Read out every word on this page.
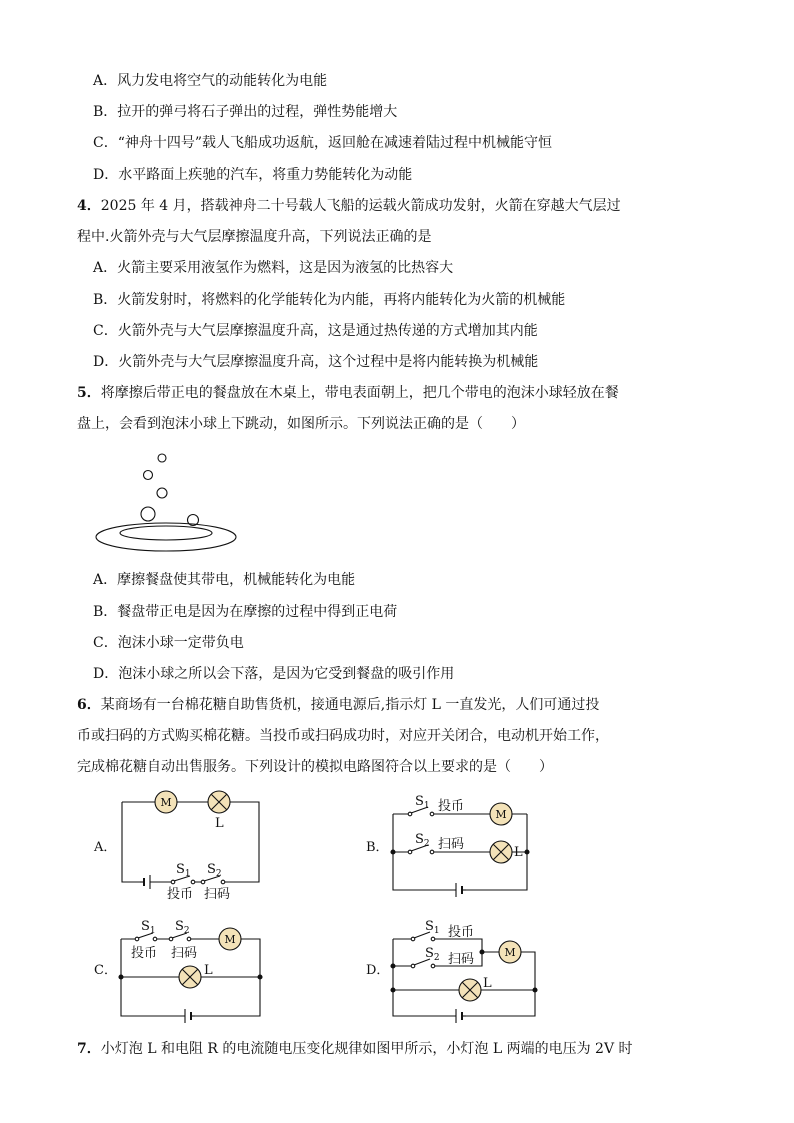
A．风力发电将空气的动能转化为电能
B．拉开的弹弓将石子弹出的过程，弹性势能增大
C．“神舟十四号”载人飞船成功返航，返回舱在减速着陆过程中机械能守恒
D．水平路面上疾驰的汽车，将重力势能转化为动能
4．2025 年 4 月，搭载神舟二十号载人飞船的运载火箭成功发射，火箭在穿越大气层过
程中.火箭外壳与大气层摩擦温度升高，下列说法正确的是
A．火箭主要采用液氢作为燃料，这是因为液氢的比热容大
B．火箭发射时，将燃料的化学能转化为内能，再将内能转化为火箭的机械能
C．火箭外壳与大气层摩擦温度升高，这是通过热传递的方式增加其内能
D．火箭外壳与大气层摩擦温度升高，这个过程中是将内能转换为机械能
5．将摩擦后带正电的餐盘放在木桌上，带电表面朝上，把几个带电的泡沫小球轻放在餐
盘上，会看到泡沫小球上下跳动，如图所示。下列说法正确的是（　　）
A．摩擦餐盘使其带电，机械能转化为电能
B．餐盘带正电是因为在摩擦的过程中得到正电荷
C．泡沫小球一定带负电
D．泡沫小球之所以会下落，是因为它受到餐盘的吸引作用
6．某商场有一台棉花糖自助售货机，接通电源后,指示灯 L 一直发光，人们可通过投
币或扫码的方式购买棉花糖。当投币或扫码成功时，对应开关闭合，电动机开始工作，
完成棉花糖自动出售服务。下列设计的模拟电路图符合以上要求的是（　　）
A．	B．
C．	D．
M
M
M
M
L
L
L
L
$S_1$ $S_2$
$S_1$
$S_2$
$S_1$ $S_2$	$S_1$
$S_2$
投币 扫码
投币
扫码
投币 扫码
投币
扫码
7．小灯泡 L 和电阻 R 的电流随电压变化规律如图甲所示，小灯泡 L 两端的电压为 2V 时
